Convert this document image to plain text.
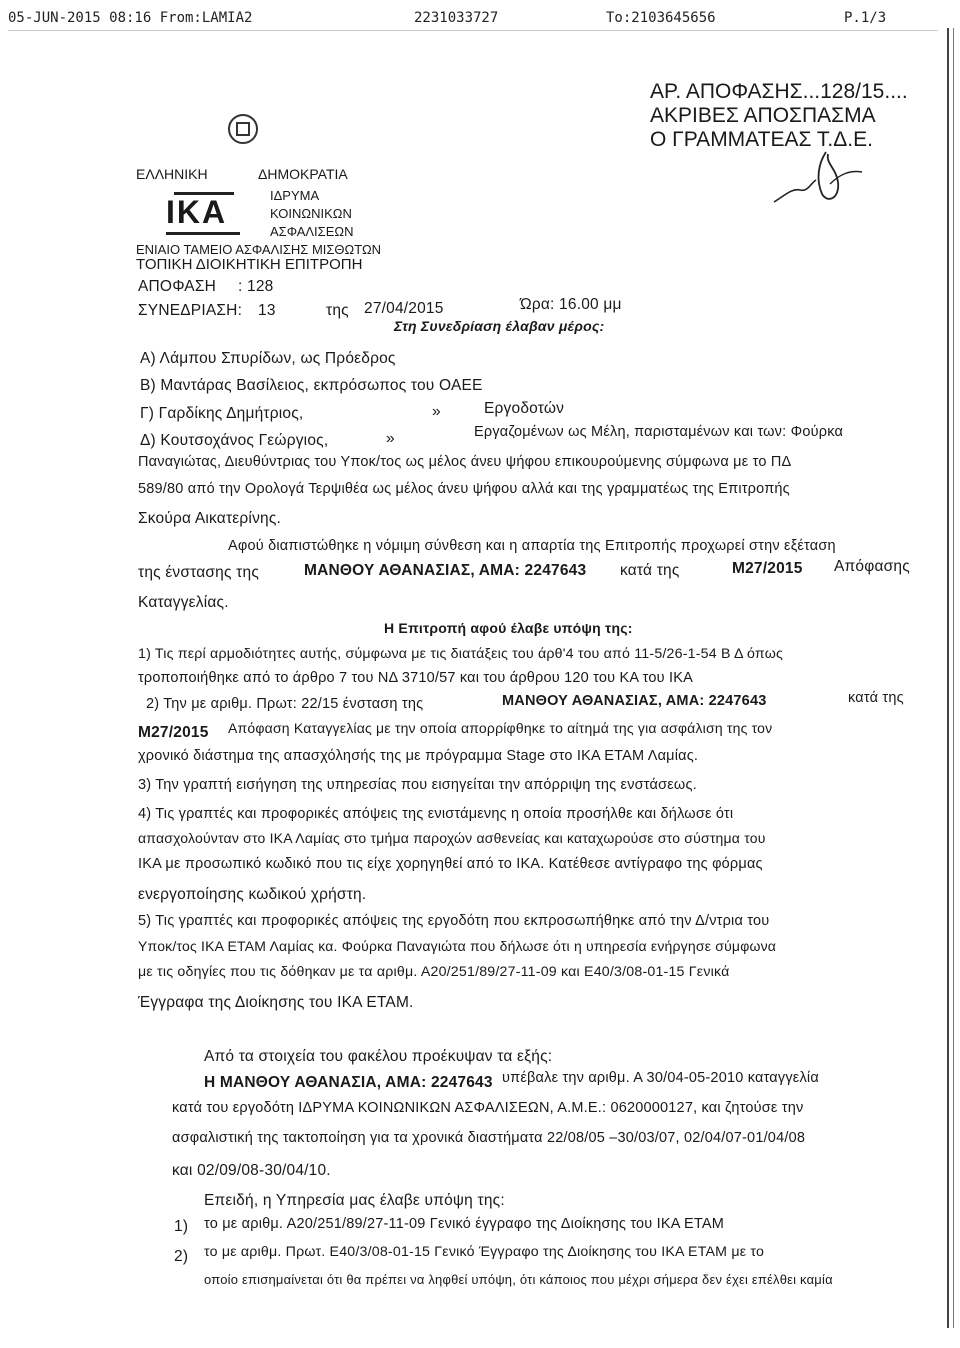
05-JUN-2015 08:16 From:LAMIA2	2231033727	To:2103645656	P.1/3
ΕΛΛΗΝΙΚΗ	ΔΗΜΟΚΡΑΤΙΑ
IKA	ΙΔΡΥΜΑ
ΚΟΙΝΩΝΙΚΩΝ
ΑΣΦΑΛΙΣΕΩΝ
ΕΝΙΑΙΟ ΤΑΜΕΙΟ ΑΣΦΑΛΙΣΗΣ ΜΙΣΘΩΤΩΝ
ΤΟΠΙΚΗ ΔΙΟΙΚΗΤΙΚΗ ΕΠΙΤΡΟΠΗ
ΑΡ. ΑΠΟΦΑΣΗΣ...128/15....
ΑΚΡΙΒΕΣ ΑΠΟΣΠΑΣΜΑ
Ο ΓΡΑΜΜΑΤΕΑΣ Τ.Δ.Ε.
ΑΠΟΦΑΣΗ : 128
ΣΥΝΕΔΡΙΑΣΗ: 13	της 27/04/2015	Ώρα: 16.00 μμ
Στη Συνεδρίαση έλαβαν μέρος:
Α) Λάμπου Σπυρίδων, ως Πρόεδρος
Β) Μαντάρας Βασίλειος, εκπρόσωπος του ΟΑΕΕ
Γ) Γαρδίκης Δημήτριος,	»	Εργοδοτών
Δ) Κουτσοχάνος Γεώργιος,	»	Εργαζομένων ως Μέλη, παρισταμένων και των: Φούρκα
Παναγιώτας, Διευθύντριας του Υποκ/τος ως μέλος άνευ ψήφου επικουρούμενης σύμφωνα με το ΠΔ
589/80 από την Ορολογά Τερψιθέα ως μέλος άνευ ψήφου αλλά και της γραμματέως της Επιτροπής
Σκούρα Αικατερίνης.
Αφού διαπιστώθηκε η νόμιμη σύνθεση και η απαρτία της Επιτροπής προχωρεί στην εξέταση
της ένστασης της	ΜΑΝΘΟΥ ΑΘΑΝΑΣΙΑΣ, ΑΜΑ: 2247643 κατά της	Μ27/2015 Απόφασης
Καταγγελίας.
Η Επιτροπή αφού έλαβε υπόψη της:
1) Τις περί αρμοδιότητες αυτής, σύμφωνα με τις διατάξεις του άρθ'4 του από 11-5/26-1-54 Β Δ όπως
τροποποιήθηκε από το άρθρο 7 του ΝΔ 3710/57 και του άρθρου 120 του ΚΑ του ΙΚΑ
2) Την με αριθμ. Πρωτ: 22/15 ένσταση της	ΜΑΝΘΟΥ ΑΘΑΝΑΣΙΑΣ, ΑΜΑ: 2247643	κατά της
Μ27/2015 Απόφαση Καταγγελίας με την οποία απορρίφθηκε το αίτημά της για ασφάλιση της τον
χρονικό διάστημα της απασχόλησής της με πρόγραμμα Stage στο ΙΚΑ ΕΤΑΜ Λαμίας.
3) Την γραπτή εισήγηση της υπηρεσίας που εισηγείται την απόρριψη της ενστάσεως.
4) Τις γραπτές και προφορικές απόψεις της ενιστάμενης η οποία προσήλθε και δήλωσε ότι
απασχολούνταν στο ΙΚΑ Λαμίας στο τμήμα παροχών ασθενείας και καταχωρούσε στο σύστημα του
ΙΚΑ με προσωπικό κωδικό που τις είχε χορηγηθεί από το ΙΚΑ. Κατέθεσε αντίγραφο της φόρμας
ενεργοποίησης κωδικού χρήστη.
5) Τις γραπτές και προφορικές απόψεις της εργοδότη που εκπροσωπήθηκε από την Δ/ντρια του
Υποκ/τος ΙΚΑ ΕΤΑΜ Λαμίας κα. Φούρκα Παναγιώτα που δήλωσε ότι η υπηρεσία ενήργησε σύμφωνα
με τις οδηγίες που τις δόθηκαν με τα αριθμ. Α20/251/89/27-11-09 και Ε40/3/08-01-15 Γενικά
Έγγραφα της Διοίκησης του ΙΚΑ ΕΤΑΜ.
Από τα στοιχεία του φακέλου προέκυψαν τα εξής:
Η ΜΑΝΘΟΥ ΑΘΑΝΑΣΙΑ, ΑΜΑ: 2247643 υπέβαλε την αριθμ. Α 30/04-05-2010 καταγγελία
κατά του εργοδότη ΙΔΡΥΜΑ ΚΟΙΝΩΝΙΚΩΝ ΑΣΦΑΛΙΣΕΩΝ, Α.Μ.Ε.: 0620000127, και ζητούσε την
ασφαλιστική της τακτοποίηση για τα χρονικά διαστήματα 22/08/05 –30/03/07, 02/04/07-01/04/08
και 02/09/08-30/04/10.
Επειδή, η Υπηρεσία μας έλαβε υπόψη της:
1) το με αριθμ. Α20/251/89/27-11-09 Γενικό έγγραφο της Διοίκησης του ΙΚΑ ΕΤΑΜ
2) το με αριθμ. Πρωτ. Ε40/3/08-01-15 Γενικό Έγγραφο της Διοίκησης του ΙΚΑ ΕΤΑΜ με το
οποίο επισημαίνεται ότι θα πρέπει να ληφθεί υπόψη, ότι κάποιος που μέχρι σήμερα δεν έχει επέλθει καμία
